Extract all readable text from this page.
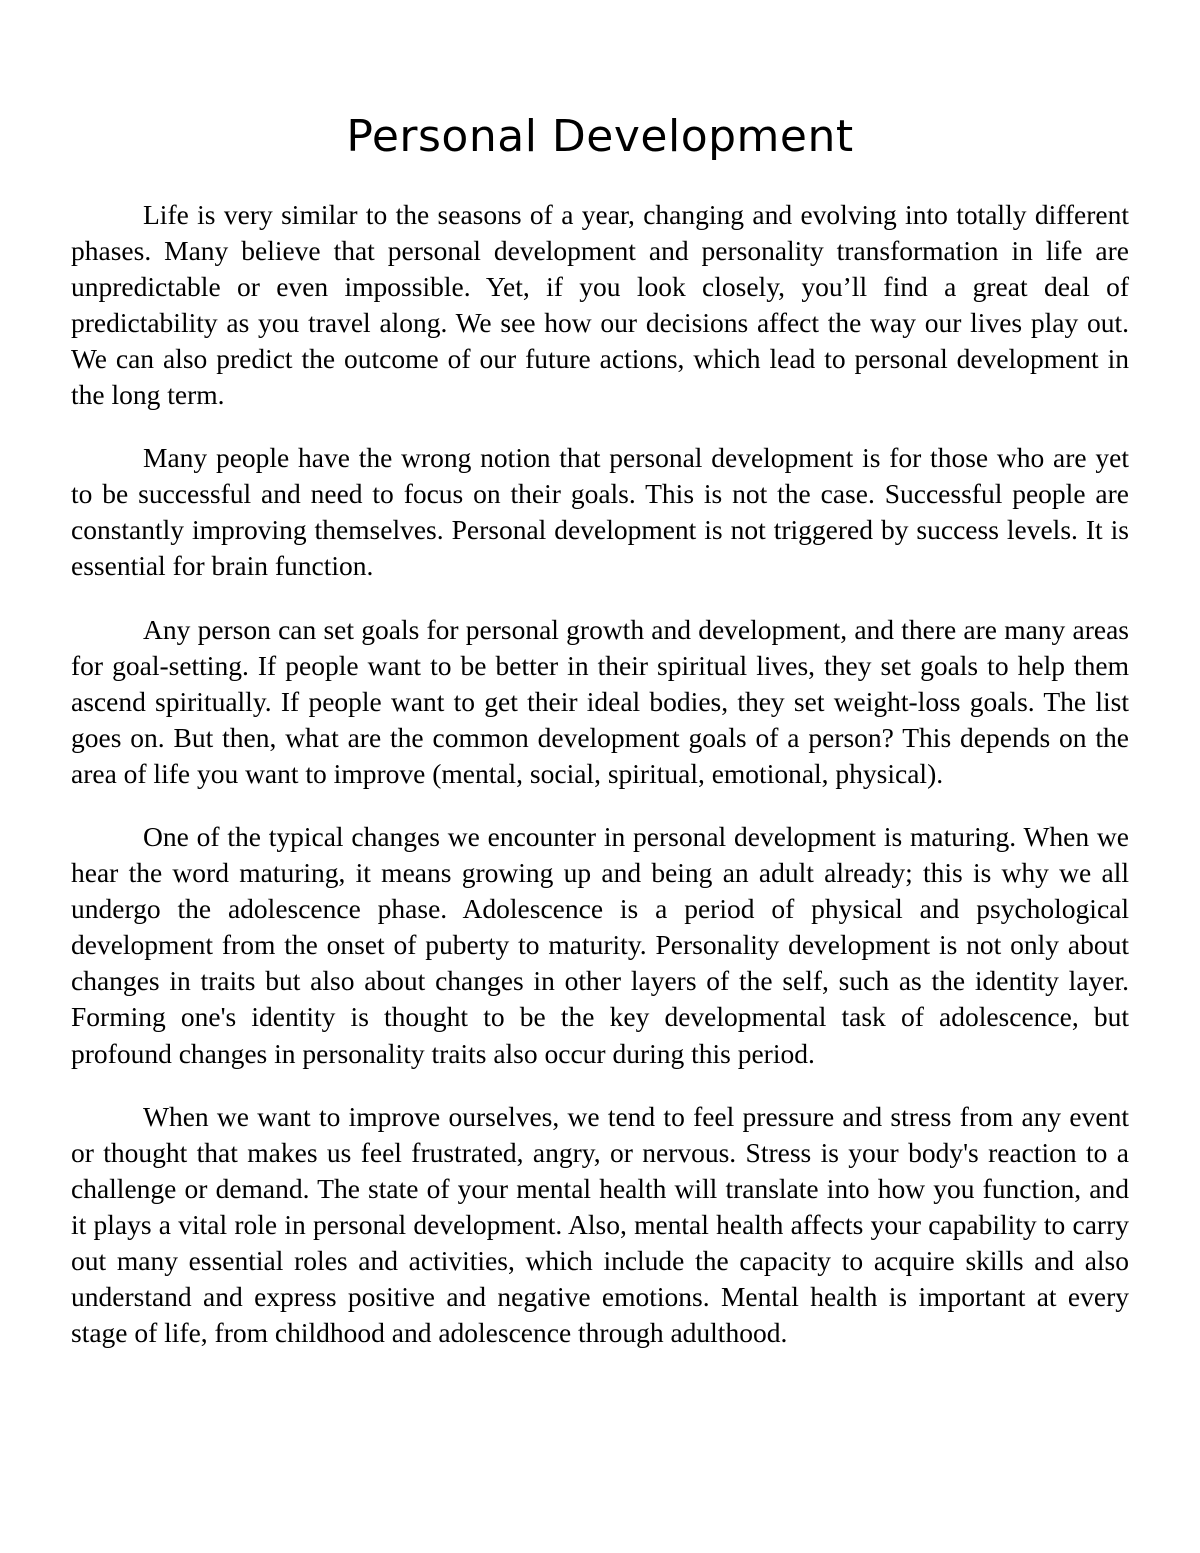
Personal Development

Life is very similar to the seasons of a year, changing and evolving into totally different phases. Many believe that personal development and personality transformation in life are unpredictable or even impossible. Yet, if you look closely, you’ll find a great deal of predictability as you travel along. We see how our decisions affect the way our lives play out. We can also predict the outcome of our future actions, which lead to personal development in the long term.

Many people have the wrong notion that personal development is for those who are yet to be successful and need to focus on their goals. This is not the case. Successful people are constantly improving themselves. Personal development is not triggered by success levels. It is essential for brain function.

Any person can set goals for personal growth and development, and there are many areas for goal-setting. If people want to be better in their spiritual lives, they set goals to help them ascend spiritually. If people want to get their ideal bodies, they set weight-loss goals. The list goes on. But then, what are the common development goals of a person? This depends on the area of life you want to improve (mental, social, spiritual, emotional, physical).

One of the typical changes we encounter in personal development is maturing. When we hear the word maturing, it means growing up and being an adult already; this is why we all undergo the adolescence phase. Adolescence is a period of physical and psychological development from the onset of puberty to maturity. Personality development is not only about changes in traits but also about changes in other layers of the self, such as the identity layer. Forming one's identity is thought to be the key developmental task of adolescence, but profound changes in personality traits also occur during this period.

When we want to improve ourselves, we tend to feel pressure and stress from any event or thought that makes us feel frustrated, angry, or nervous. Stress is your body's reaction to a challenge or demand. The state of your mental health will translate into how you function, and it plays a vital role in personal development. Also, mental health affects your capability to carry out many essential roles and activities, which include the capacity to acquire skills and also understand and express positive and negative emotions. Mental health is important at every stage of life, from childhood and adolescence through adulthood.
